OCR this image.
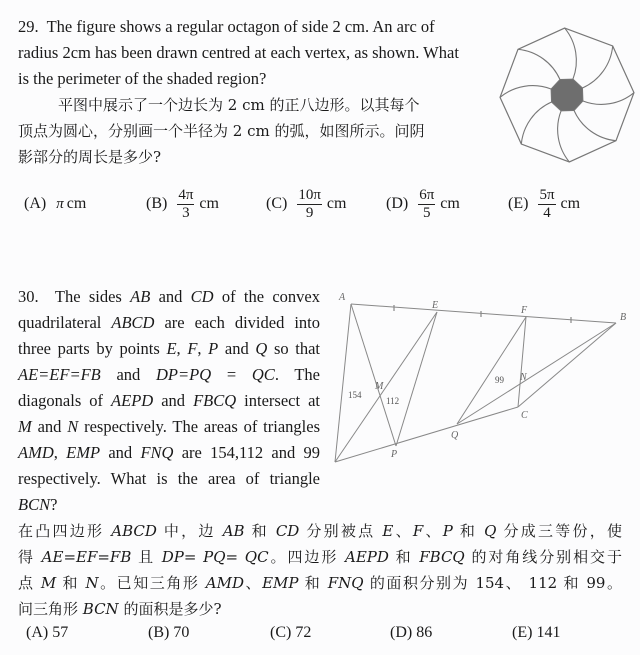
29. The figure shows a regular octagon of side 2 cm. An arc of
radius 2cm has been drawn centred at each vertex, as shown. What
is the perimeter of the shaded region?
平图中展示了一个边长为 2 cm 的正八边形。以其每个
顶点为圆心，分别画一个半径为 2 cm 的弧，如图所示。问阴
影部分的周长是多少?
(A) π cm	$(B) \frac{4\pi}{3}$ cm	$(C) \frac{10\pi}{9}$ cm $(D) \frac{6\pi}{5}$ cm	$(E) \frac{5\pi}{4}$ cm
30.  The sides AB and CD of the convex
quadrilateral ABCD are each divided into
three parts by points E, F, P and Q so that
AE=EF=FB and DP=PQ = QC. The
diagonals of AEPD and FBCQ intersect at
M and N respectively. The areas of triangles
AMD, EMP and FNQ are 154,112 and 99
respectively. What is the area of triangle
BCN?
A
E	F
B
C
N
Q
P
M
154
112
99
在凸四边形 ABCD 中，边 AB 和 CD 分别被点 E、F、P 和 Q 分成三等份，使
得 AE=EF=FB 且 DP= PQ= QC。四边形 AEPD 和 FBCQ 的对角线分别相交于
点 M 和 N。已知三角形 AMD、EMP 和 FNQ 的面积分别为 154、 112 和 99。
问三角形 BCN 的面积是多少?
(A) 57	(B) 70	(C) 72	(D) 86	(E) 141
